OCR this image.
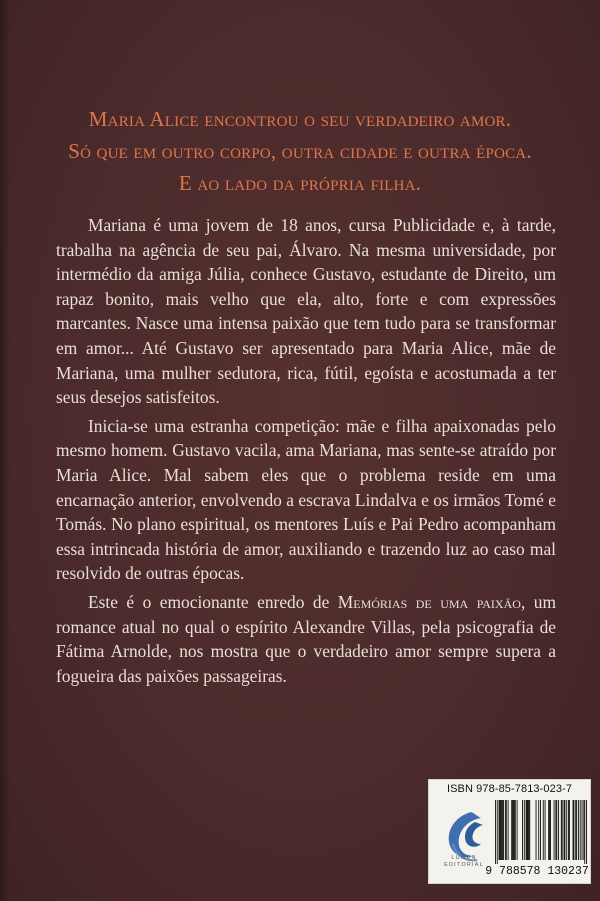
Maria Alice encontrou o seu verdadeiro amor.
Só que em outro corpo, outra cidade e outra época.
E ao lado da própria filha.

Mariana é uma jovem de 18 anos, cursa Publicidade e, à tarde, trabalha na agência de seu pai, Álvaro. Na mesma universidade, por intermédio da amiga Júlia, conhece Gustavo, estudante de Direito, um rapaz bonito, mais velho que ela, alto, forte e com expressões marcantes. Nasce uma intensa paixão que tem tudo para se transformar em amor... Até Gustavo ser apresentado para Maria Alice, mãe de Mariana, uma mulher sedutora, rica, fútil, egoísta e acostumada a ter seus desejos satisfeitos.

Inicia-se uma estranha competição: mãe e filha apaixonadas pelo mesmo homem. Gustavo vacila, ama Mariana, mas sente-se atraído por Maria Alice. Mal sabem eles que o problema reside em uma encarnação anterior, envolvendo a escrava Lindalva e os irmãos Tomé e Tomás. No plano espiritual, os mentores Luís e Pai Pedro acompanham essa intrincada história de amor, auxiliando e trazendo luz ao caso mal resolvido de outras épocas.

Este é o emocionante enredo de Memórias de uma paixão, um romance atual no qual o espírito Alexandre Villas, pela psicografia de Fátima Arnolde, nos mostra que o verdadeiro amor sempre supera a fogueira das paixões passageiras.

ISBN 978-85-7813-023-7
LÚMEN EDITORIAL 9 788578 130237
